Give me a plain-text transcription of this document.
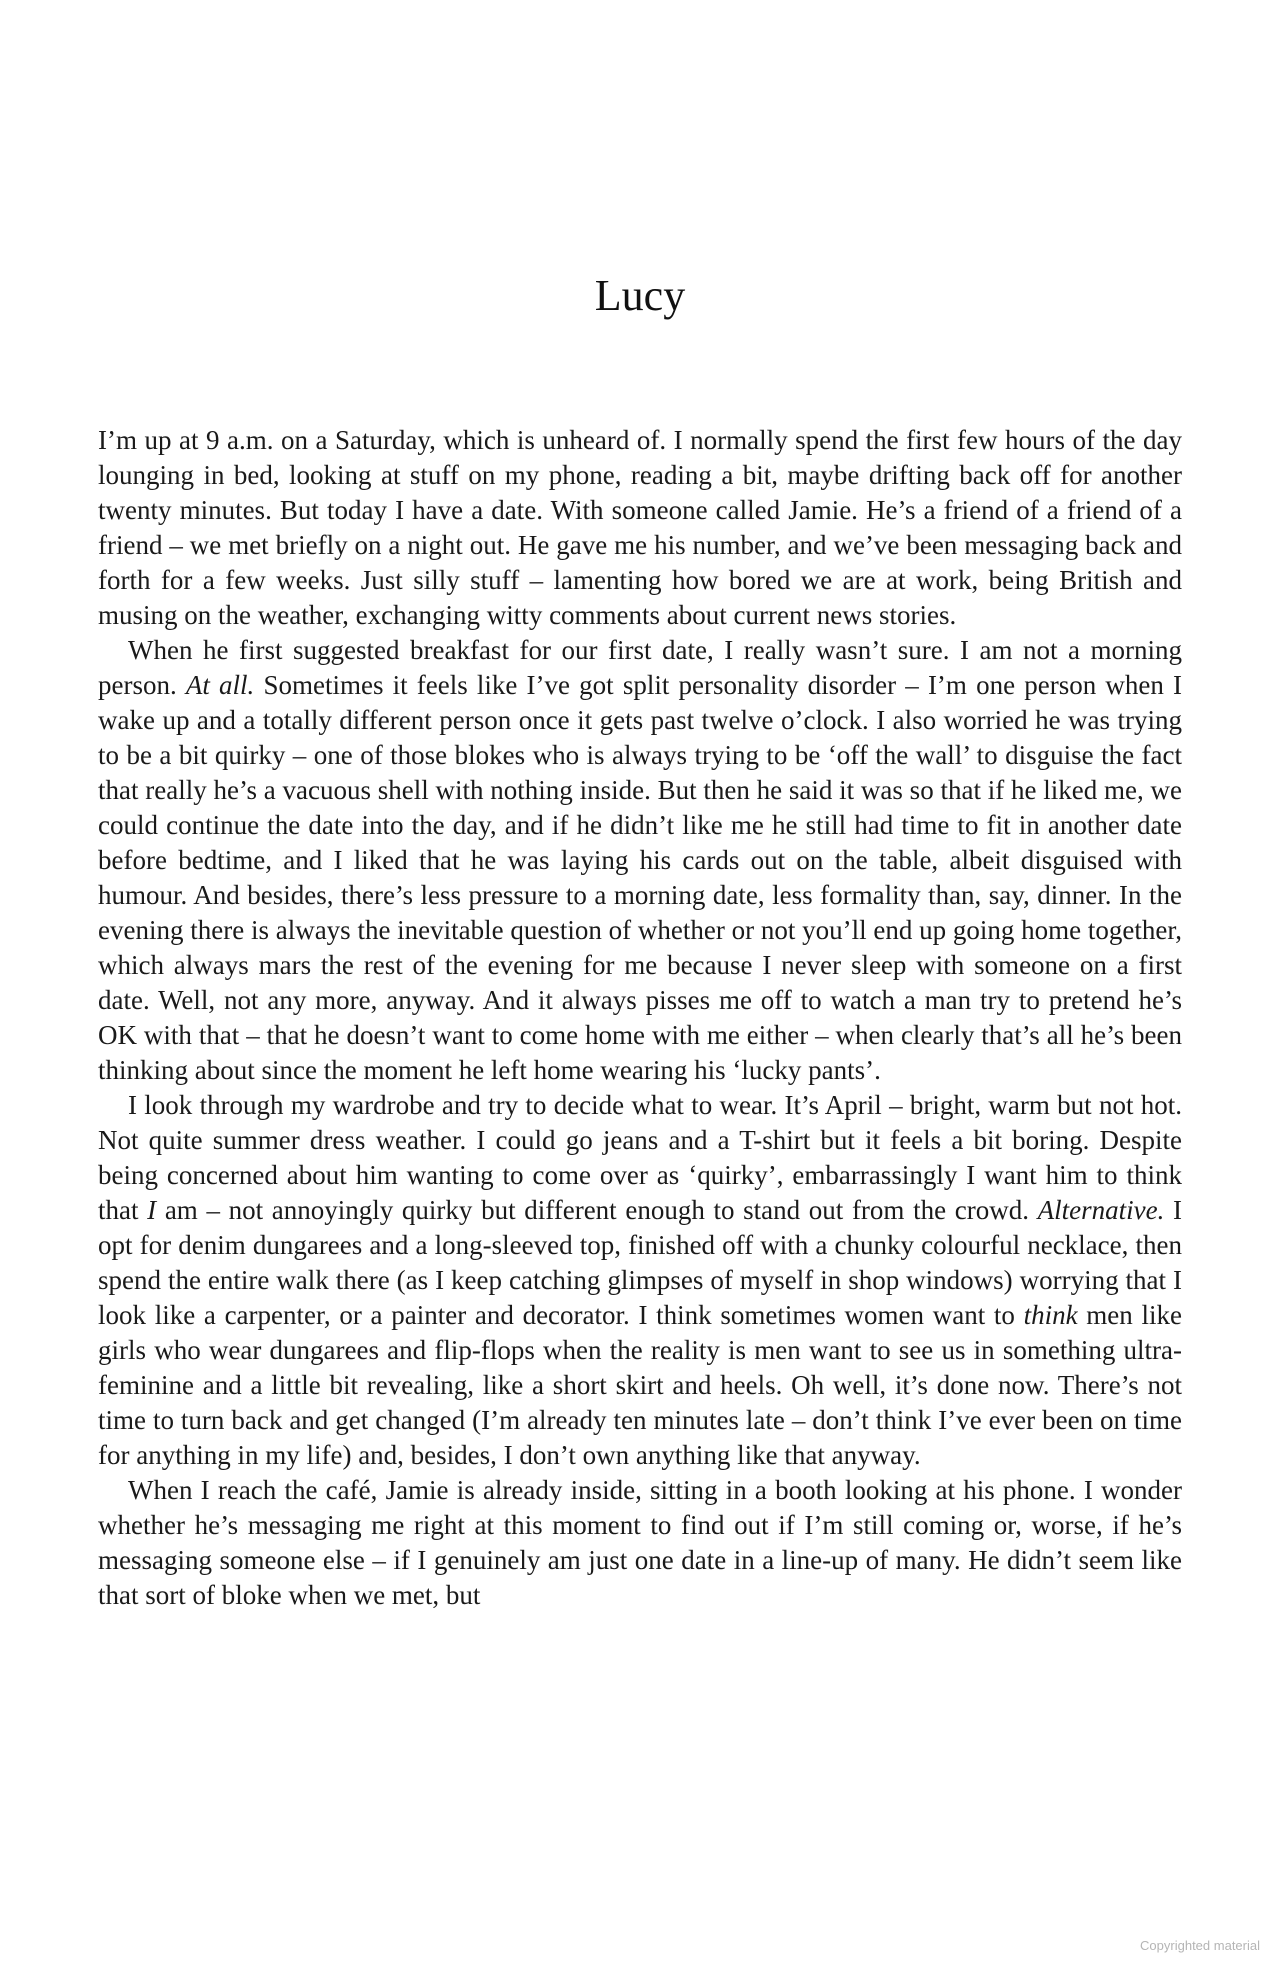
Lucy

I’m up at 9 a.m. on a Saturday, which is unheard of. I normally spend the first few hours of the day lounging in bed, looking at stuff on my phone, reading a bit, maybe drifting back off for another twenty minutes. But today I have a date. With someone called Jamie. He’s a friend of a friend of a friend – we met briefly on a night out. He gave me his number, and we’ve been messaging back and forth for a few weeks. Just silly stuff – lamenting how bored we are at work, being British and musing on the weather, exchanging witty comments about current news stories.

When he first suggested breakfast for our first date, I really wasn’t sure. I am not a morning person. At all. Sometimes it feels like I’ve got split personality disorder – I’m one person when I wake up and a totally different person once it gets past twelve o’clock. I also worried he was trying to be a bit quirky – one of those blokes who is always trying to be ‘off the wall’ to disguise the fact that really he’s a vacuous shell with nothing inside. But then he said it was so that if he liked me, we could continue the date into the day, and if he didn’t like me he still had time to fit in another date before bedtime, and I liked that he was laying his cards out on the table, albeit disguised with humour. And besides, there’s less pressure to a morning date, less formality than, say, dinner. In the evening there is always the inevitable question of whether or not you’ll end up going home together, which always mars the rest of the evening for me because I never sleep with someone on a first date. Well, not any more, anyway. And it always pisses me off to watch a man try to pretend he’s OK with that – that he doesn’t want to come home with me either – when clearly that’s all he’s been thinking about since the moment he left home wearing his ‘lucky pants’.

I look through my wardrobe and try to decide what to wear. It’s April – bright, warm but not hot. Not quite summer dress weather. I could go jeans and a T-shirt but it feels a bit boring. Despite being concerned about him wanting to come over as ‘quirky’, embarrassingly I want him to think that I am – not annoyingly quirky but different enough to stand out from the crowd. Alternative. I opt for denim dungarees and a long-sleeved top, finished off with a chunky colourful necklace, then spend the entire walk there (as I keep catching glimpses of myself in shop windows) worrying that I look like a carpenter, or a painter and decorator. I think sometimes women want to think men like girls who wear dungarees and flip-flops when the reality is men want to see us in something ultra-feminine and a little bit revealing, like a short skirt and heels. Oh well, it’s done now. There’s not time to turn back and get changed (I’m already ten minutes late – don’t think I’ve ever been on time for anything in my life) and, besides, I don’t own anything like that anyway.

When I reach the café, Jamie is already inside, sitting in a booth looking at his phone. I wonder whether he’s messaging me right at this moment to find out if I’m still coming or, worse, if he’s messaging someone else – if I genuinely am just one date in a line-up of many. He didn’t seem like that sort of bloke when we met, but

Copyrighted material
